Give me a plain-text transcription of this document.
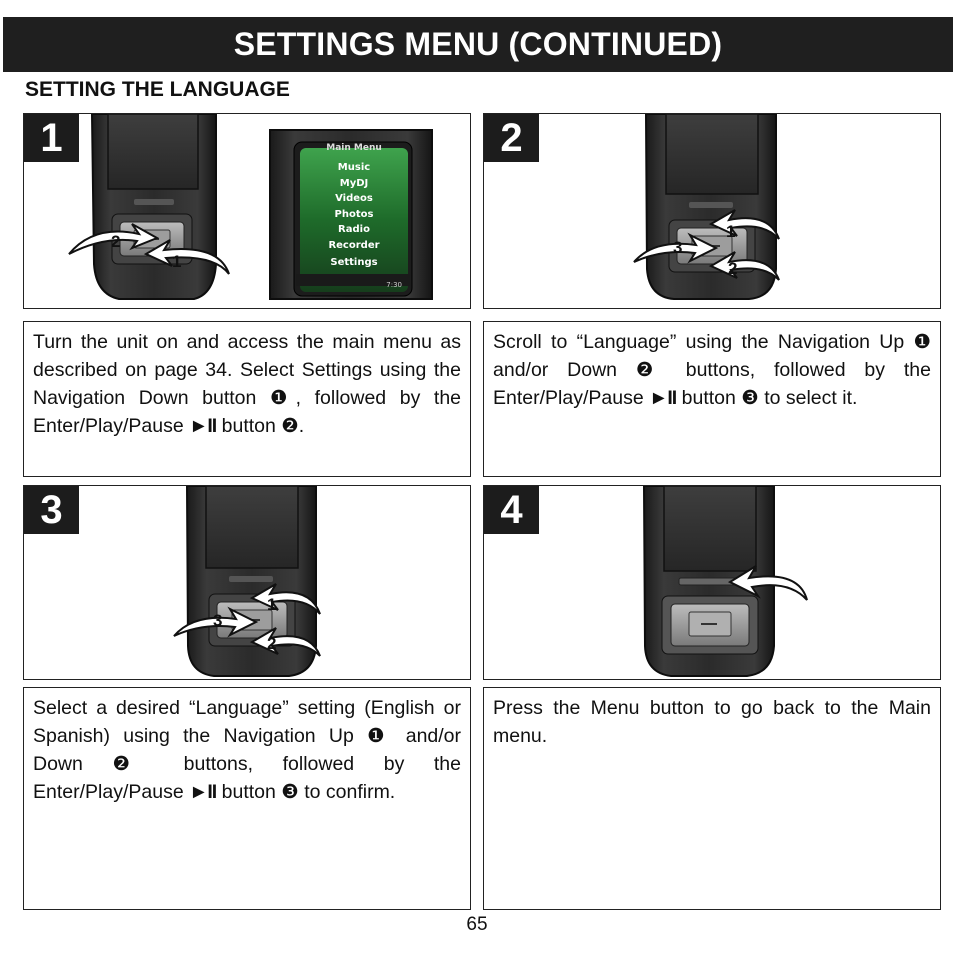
SETTINGS MENU (CONTINUED)
SETTING THE LANGUAGE
2
1
Main Menu
Music
MyDJ
Videos
Photos
Radio
Recorder
Settings
7:30
1
1
3
2
2
Turn the unit on and access the main menu as described on page 34. Select Settings using the Navigation Down button ❶, followed by the Enter/Play/Pause ►II button ❷.
Scroll to “Language” using the Navigation Up ❶ and/or Down ❷ buttons, followed by the Enter/Play/Pause ►II button ❸ to select it.
1
3
2
3	4
Select a desired “Language” setting (English or Spanish) using the Navigation Up ❶ and/or Down ❷ buttons, followed by the Enter/Play/Pause ►II button ❸ to confirm.
Press the Menu button to go back to the Main menu.
65
